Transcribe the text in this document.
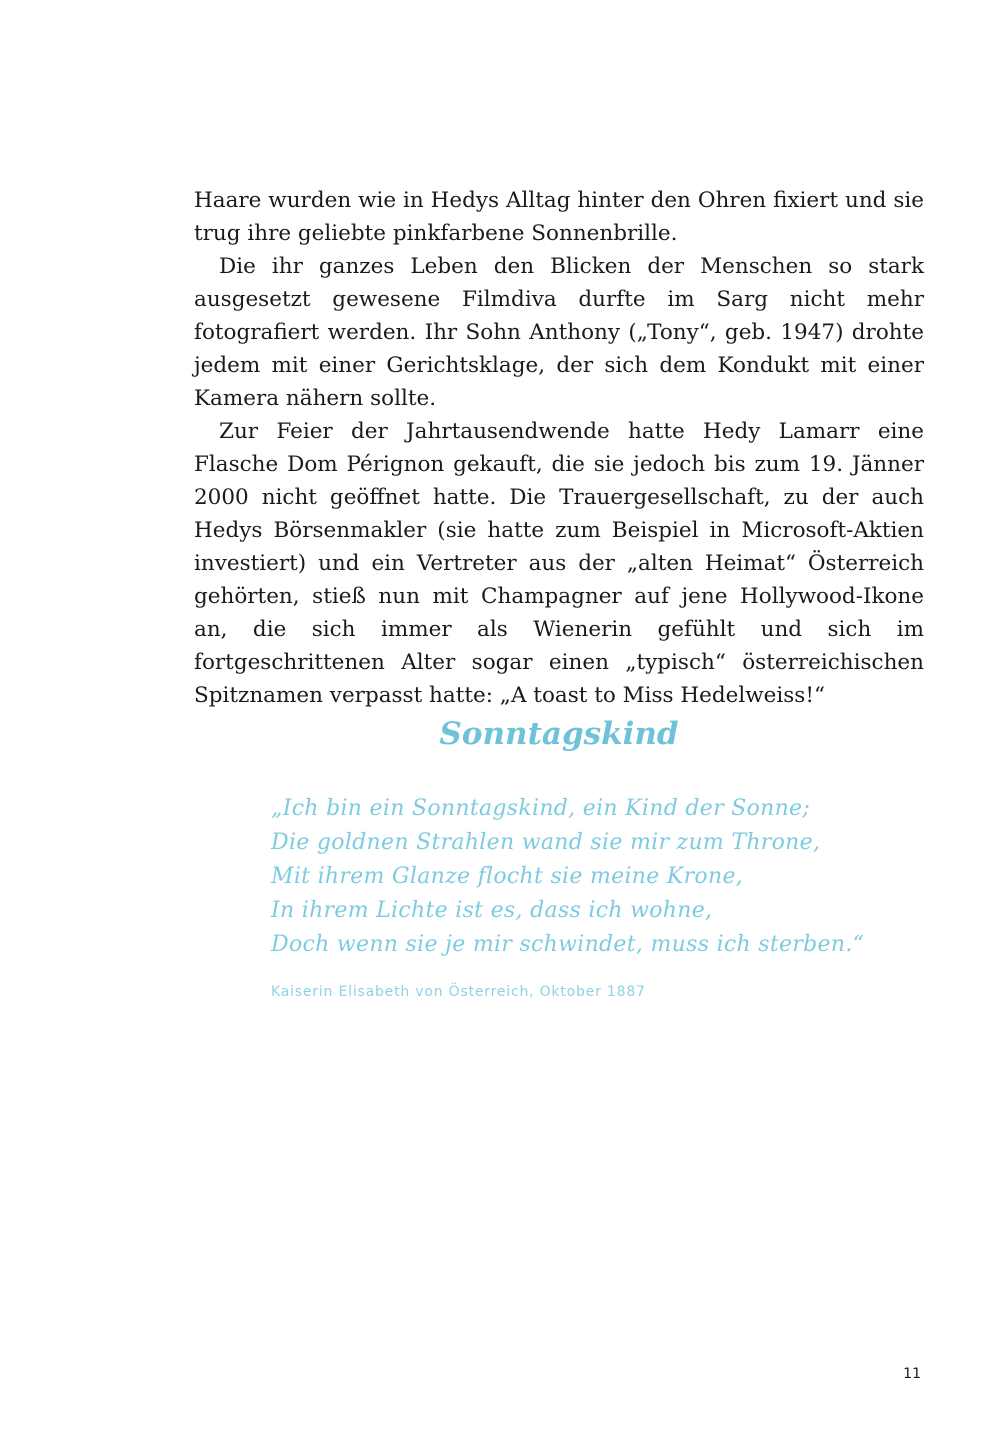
Haare wurden wie in Hedys Alltag hinter den Ohren fixiert und sie trug ihre geliebte pinkfarbene Sonnenbrille.

Die ihr ganzes Leben den Blicken der Menschen so stark ausgesetzt gewesene Filmdiva durfte im Sarg nicht mehr fotografiert werden. Ihr Sohn Anthony („Tony“, geb. 1947) drohte jedem mit einer Gerichtsklage, der sich dem Kondukt mit einer Kamera nähern sollte.

Zur Feier der Jahrtausendwende hatte Hedy Lamarr eine Flasche Dom Pérignon gekauft, die sie jedoch bis zum 19. Jänner 2000 nicht geöffnet hatte. Die Trauergesellschaft, zu der auch Hedys Börsenmakler (sie hatte zum Beispiel in Microsoft-Aktien investiert) und ein Vertreter aus der „alten Heimat“ Österreich gehörten, stieß nun mit Champagner auf jene Hollywood-Ikone an, die sich immer als Wienerin gefühlt und sich im fortgeschrittenen Alter sogar einen „typisch“ österreichischen Spitznamen verpasst hatte: „A toast to Miss Hedelweiss!“

Sonntagskind
„Ich bin ein Sonntagskind, ein Kind der Sonne;
Die goldnen Strahlen wand sie mir zum Throne,
Mit ihrem Glanze flocht sie meine Krone,
In ihrem Lichte ist es, dass ich wohne,
Doch wenn sie je mir schwindet, muss ich sterben.“
Kaiserin Elisabeth von Österreich, Oktober 1887
11
